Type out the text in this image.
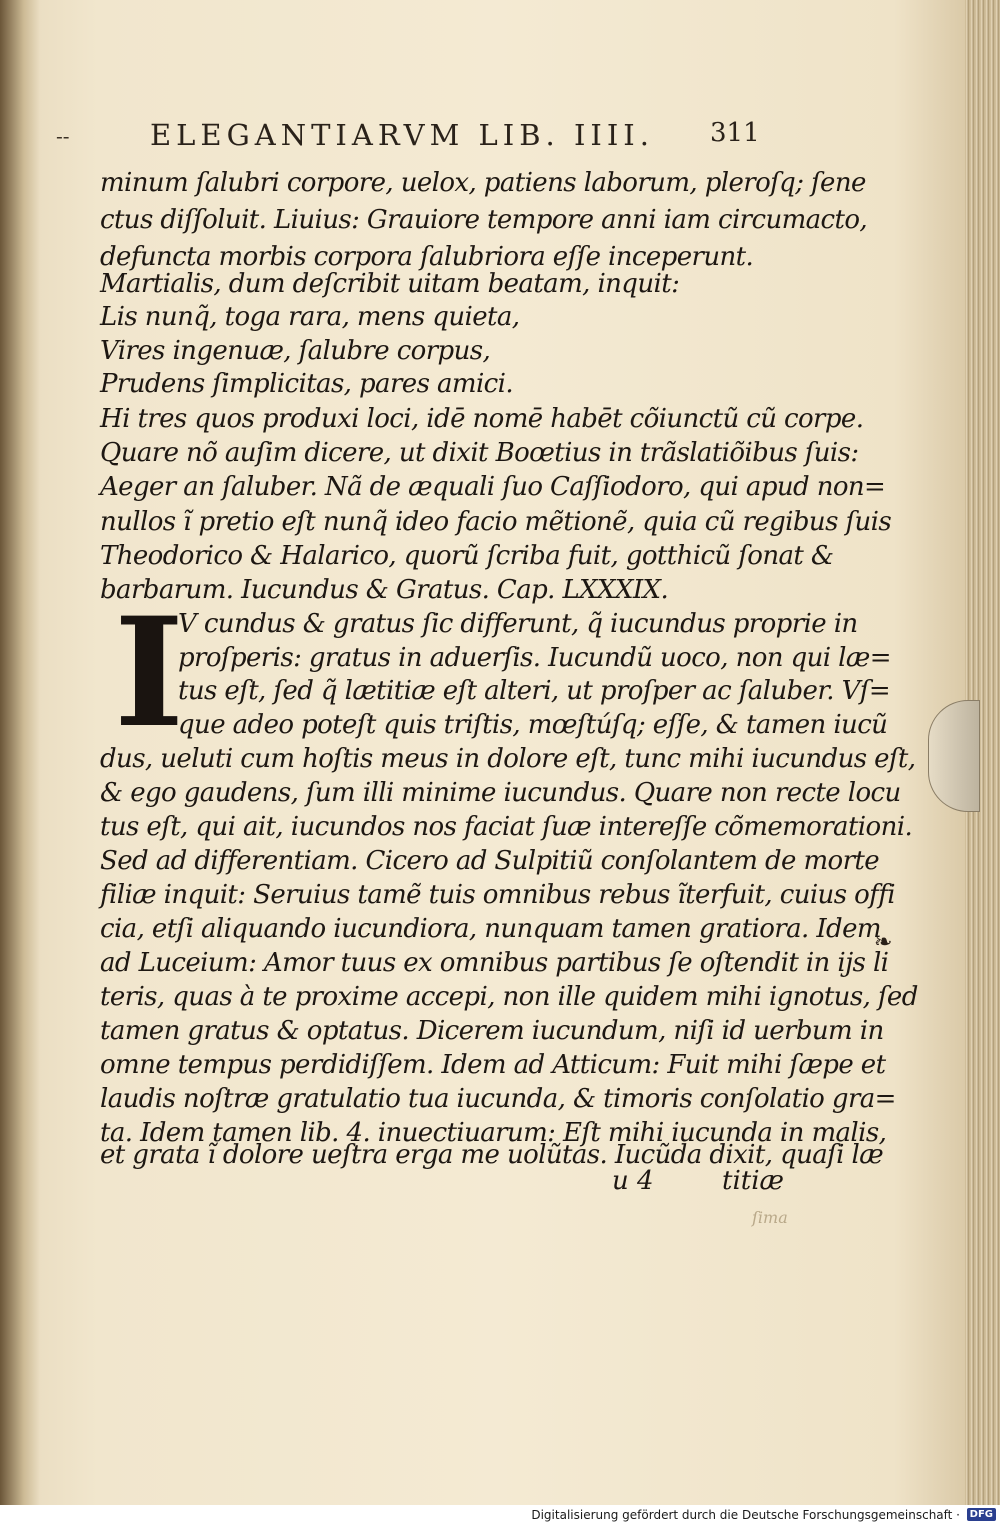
--	ELEGANTIARVM LIB. IIII. 311
minum ſalubri corpore, uelox, patiens laborum, pleroſq; ſene
ctus diſſoluit. Liuius: Grauiore tempore anni iam circumacto,
defuncta morbis corpora ſalubriora eſſe inceperunt.
Martialis, dum deſcribit uitam beatam, inquit:
Lis nunq̃, toga rara, mens quieta,
Vires ingenuæ, ſalubre corpus,
Prudens ſimplicitas, pares amici.
Hi tres quos produxi loci, idē nomē habēt cõiunctũ cũ corpe.
Quare nõ auſim dicere, ut dixit Boœtius in trãslatiõibus ſuis:
Aeger an ſaluber. Nã de æquali ſuo Caſſiodoro, qui apud non=
nullos ĩ pretio eſt nunq̃ ideo facio mẽtionẽ, quia cũ regibus ſuis
Theodorico & Halarico, quorũ ſcriba fuit, gotthicũ ſonat &
barbarum. Iucundus & Gratus. Cap. LXXXIX.
V cundus & gratus ſic differunt, q̃ iucundus proprie in
proſperis: gratus in aduerſis. Iucundũ uoco, non qui læ=
tus eſt, ſed q̃ lætitiæ eſt alteri, ut proſper ac ſaluber. Vſ=
que adeo poteſt quis triſtis, mœſtúſq; eſſe, & tamen iucũ
dus, ueluti cum hoſtis meus in dolore eſt, tunc mihi iucundus eſt,
& ego gaudens, ſum illi minime iucundus. Quare non recte locu
tus eſt, qui ait, iucundos nos faciat ſuæ intereſſe cõmemorationi.
Sed ad differentiam. Cicero ad Sulpitiũ conſolantem de morte
filiæ inquit: Seruius tamẽ tuis omnibus rebus ĩterfuit, cuius offi
cia, etſi aliquando iucundiora, nunquam tamen gratiora. Idem
ad Luceium: Amor tuus ex omnibus partibus ſe oſtendit in ijs li
teris, quas à te proxime accepi, non ille quidem mihi ignotus, ſed
tamen gratus & optatus. Dicerem iucundum, niſi id uerbum in
omne tempus perdidiſſem. Idem ad Atticum: Fuit mihi ſæpe et
laudis noſtræ gratulatio tua iucunda, & timoris conſolatio gra=
ta. Idem tamen lib. 4. inuectiuarum: Eſt mihi iucunda in malis,
et grata ĩ dolore ueſtra erga me uolũtas. Iucũda dixit, quaſi læ
I
❧
u 4	titiæ
ſima
Digitalisierung gefördert durch die Deutsche Forschungsgemeinschaft · DFG
